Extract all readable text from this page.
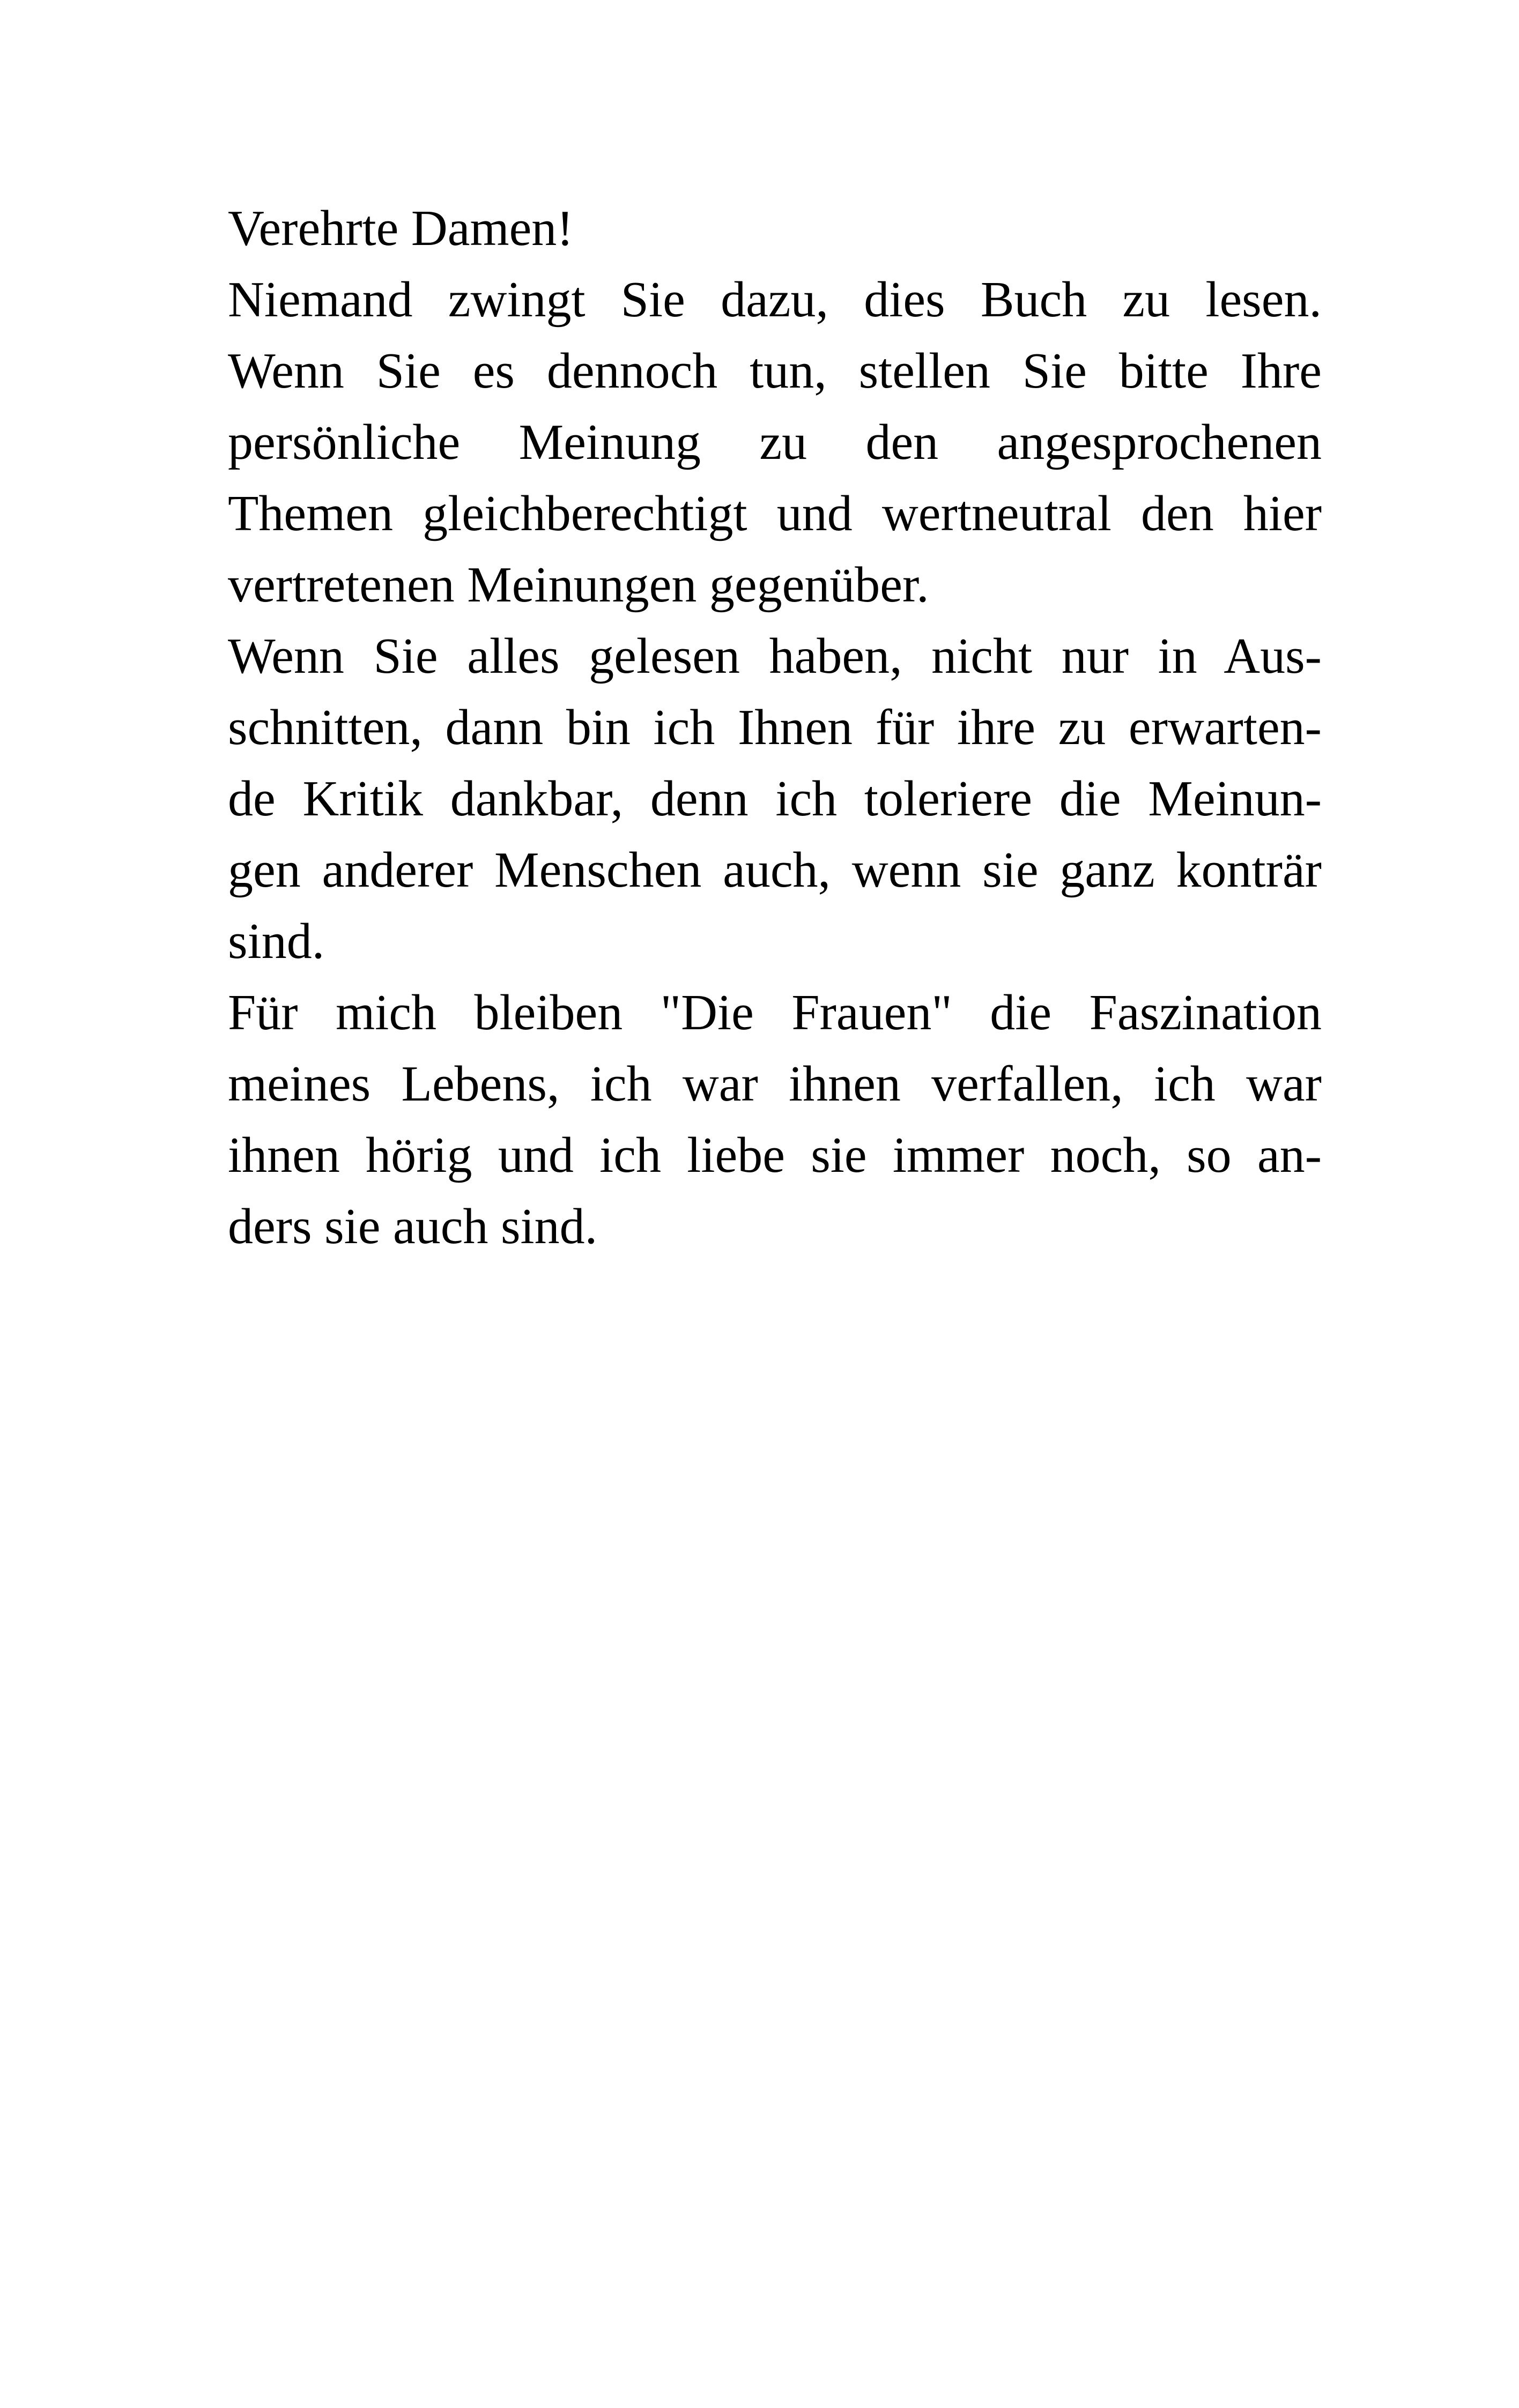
Verehrte Damen!
Niemand zwingt Sie dazu, dies Buch zu lesen.
Wenn Sie es dennoch tun, stellen Sie bitte Ihre
persönliche Meinung zu den angesprochenen
Themen gleichberechtigt und wertneutral den hier
vertretenen Meinungen gegenüber.
Wenn Sie alles gelesen haben, nicht nur in Aus-
schnitten, dann bin ich Ihnen für ihre zu erwarten-
de Kritik dankbar, denn ich toleriere die Meinun-
gen anderer Menschen auch, wenn sie ganz konträr
sind.
Für mich bleiben "Die Frauen" die Faszination
meines Lebens, ich war ihnen verfallen, ich war
ihnen hörig und ich liebe sie immer noch, so an-
ders sie auch sind.
